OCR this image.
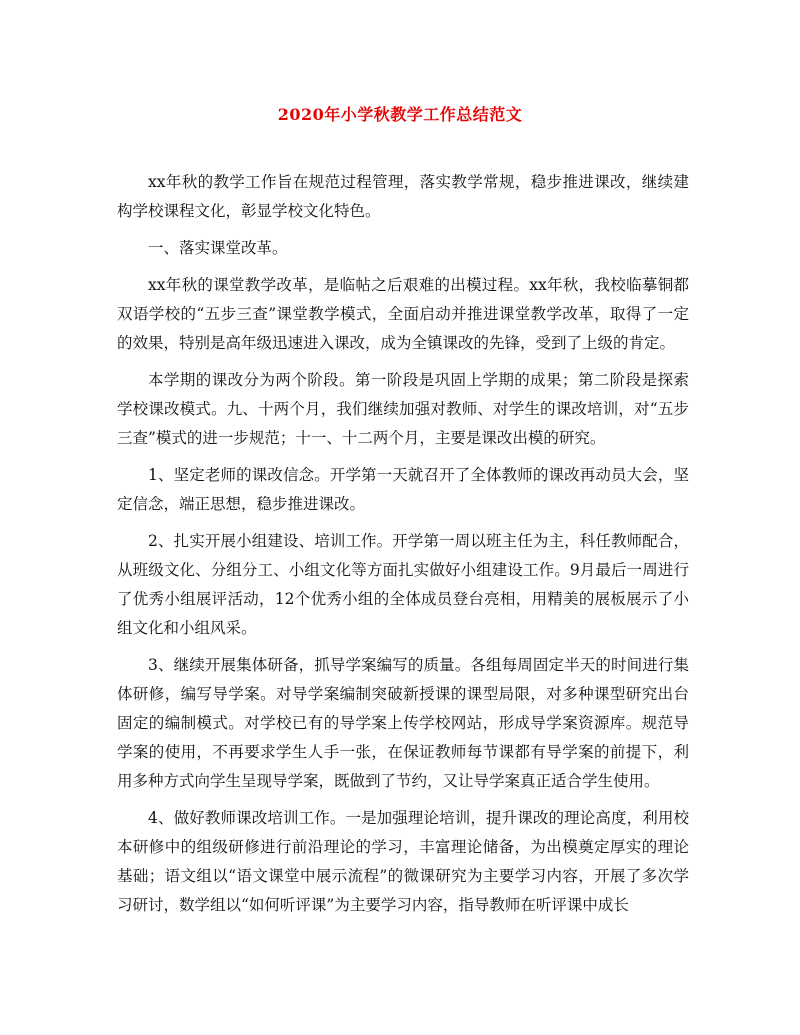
2020年小学秋教学工作总结范文

xx年秋的教学工作旨在规范过程管理，落实教学常规，稳步推进课改，继续建构学校课程文化，彰显学校文化特色。

一、落实课堂改革。

xx年秋的课堂教学改革，是临帖之后艰难的出模过程。xx年秋，我校临摹铜都双语学校的“五步三查”课堂教学模式，全面启动并推进课堂教学改革，取得了一定的效果，特别是高年级迅速进入课改，成为全镇课改的先锋，受到了上级的肯定。

本学期的课改分为两个阶段。第一阶段是巩固上学期的成果；第二阶段是探索学校课改模式。九、十两个月，我们继续加强对教师、对学生的课改培训，对“五步三查”模式的进一步规范；十一、十二两个月，主要是课改出模的研究。

1、坚定老师的课改信念。开学第一天就召开了全体教师的课改再动员大会，坚定信念，端正思想，稳步推进课改。

2、扎实开展小组建设、培训工作。开学第一周以班主任为主，科任教师配合，从班级文化、分组分工、小组文化等方面扎实做好小组建设工作。9月最后一周进行了优秀小组展评活动，12个优秀小组的全体成员登台亮相，用精美的展板展示了小组文化和小组风采。

3、继续开展集体研备，抓导学案编写的质量。各组每周固定半天的时间进行集体研修，编写导学案。对导学案编制突破新授课的课型局限，对多种课型研究出台固定的编制模式。对学校已有的导学案上传学校网站，形成导学案资源库。规范导学案的使用，不再要求学生人手一张，在保证教师每节课都有导学案的前提下，利用多种方式向学生呈现导学案，既做到了节约，又让导学案真正适合学生使用。

4、做好教师课改培训工作。一是加强理论培训，提升课改的理论高度，利用校本研修中的组级研修进行前沿理论的学习，丰富理论储备，为出模奠定厚实的理论基础；语文组以“语文课堂中展示流程”的微课研究为主要学习内容，开展了多次学习研讨，数学组以“如何听评课”为主要学习内容，指导教师在听评课中成长
